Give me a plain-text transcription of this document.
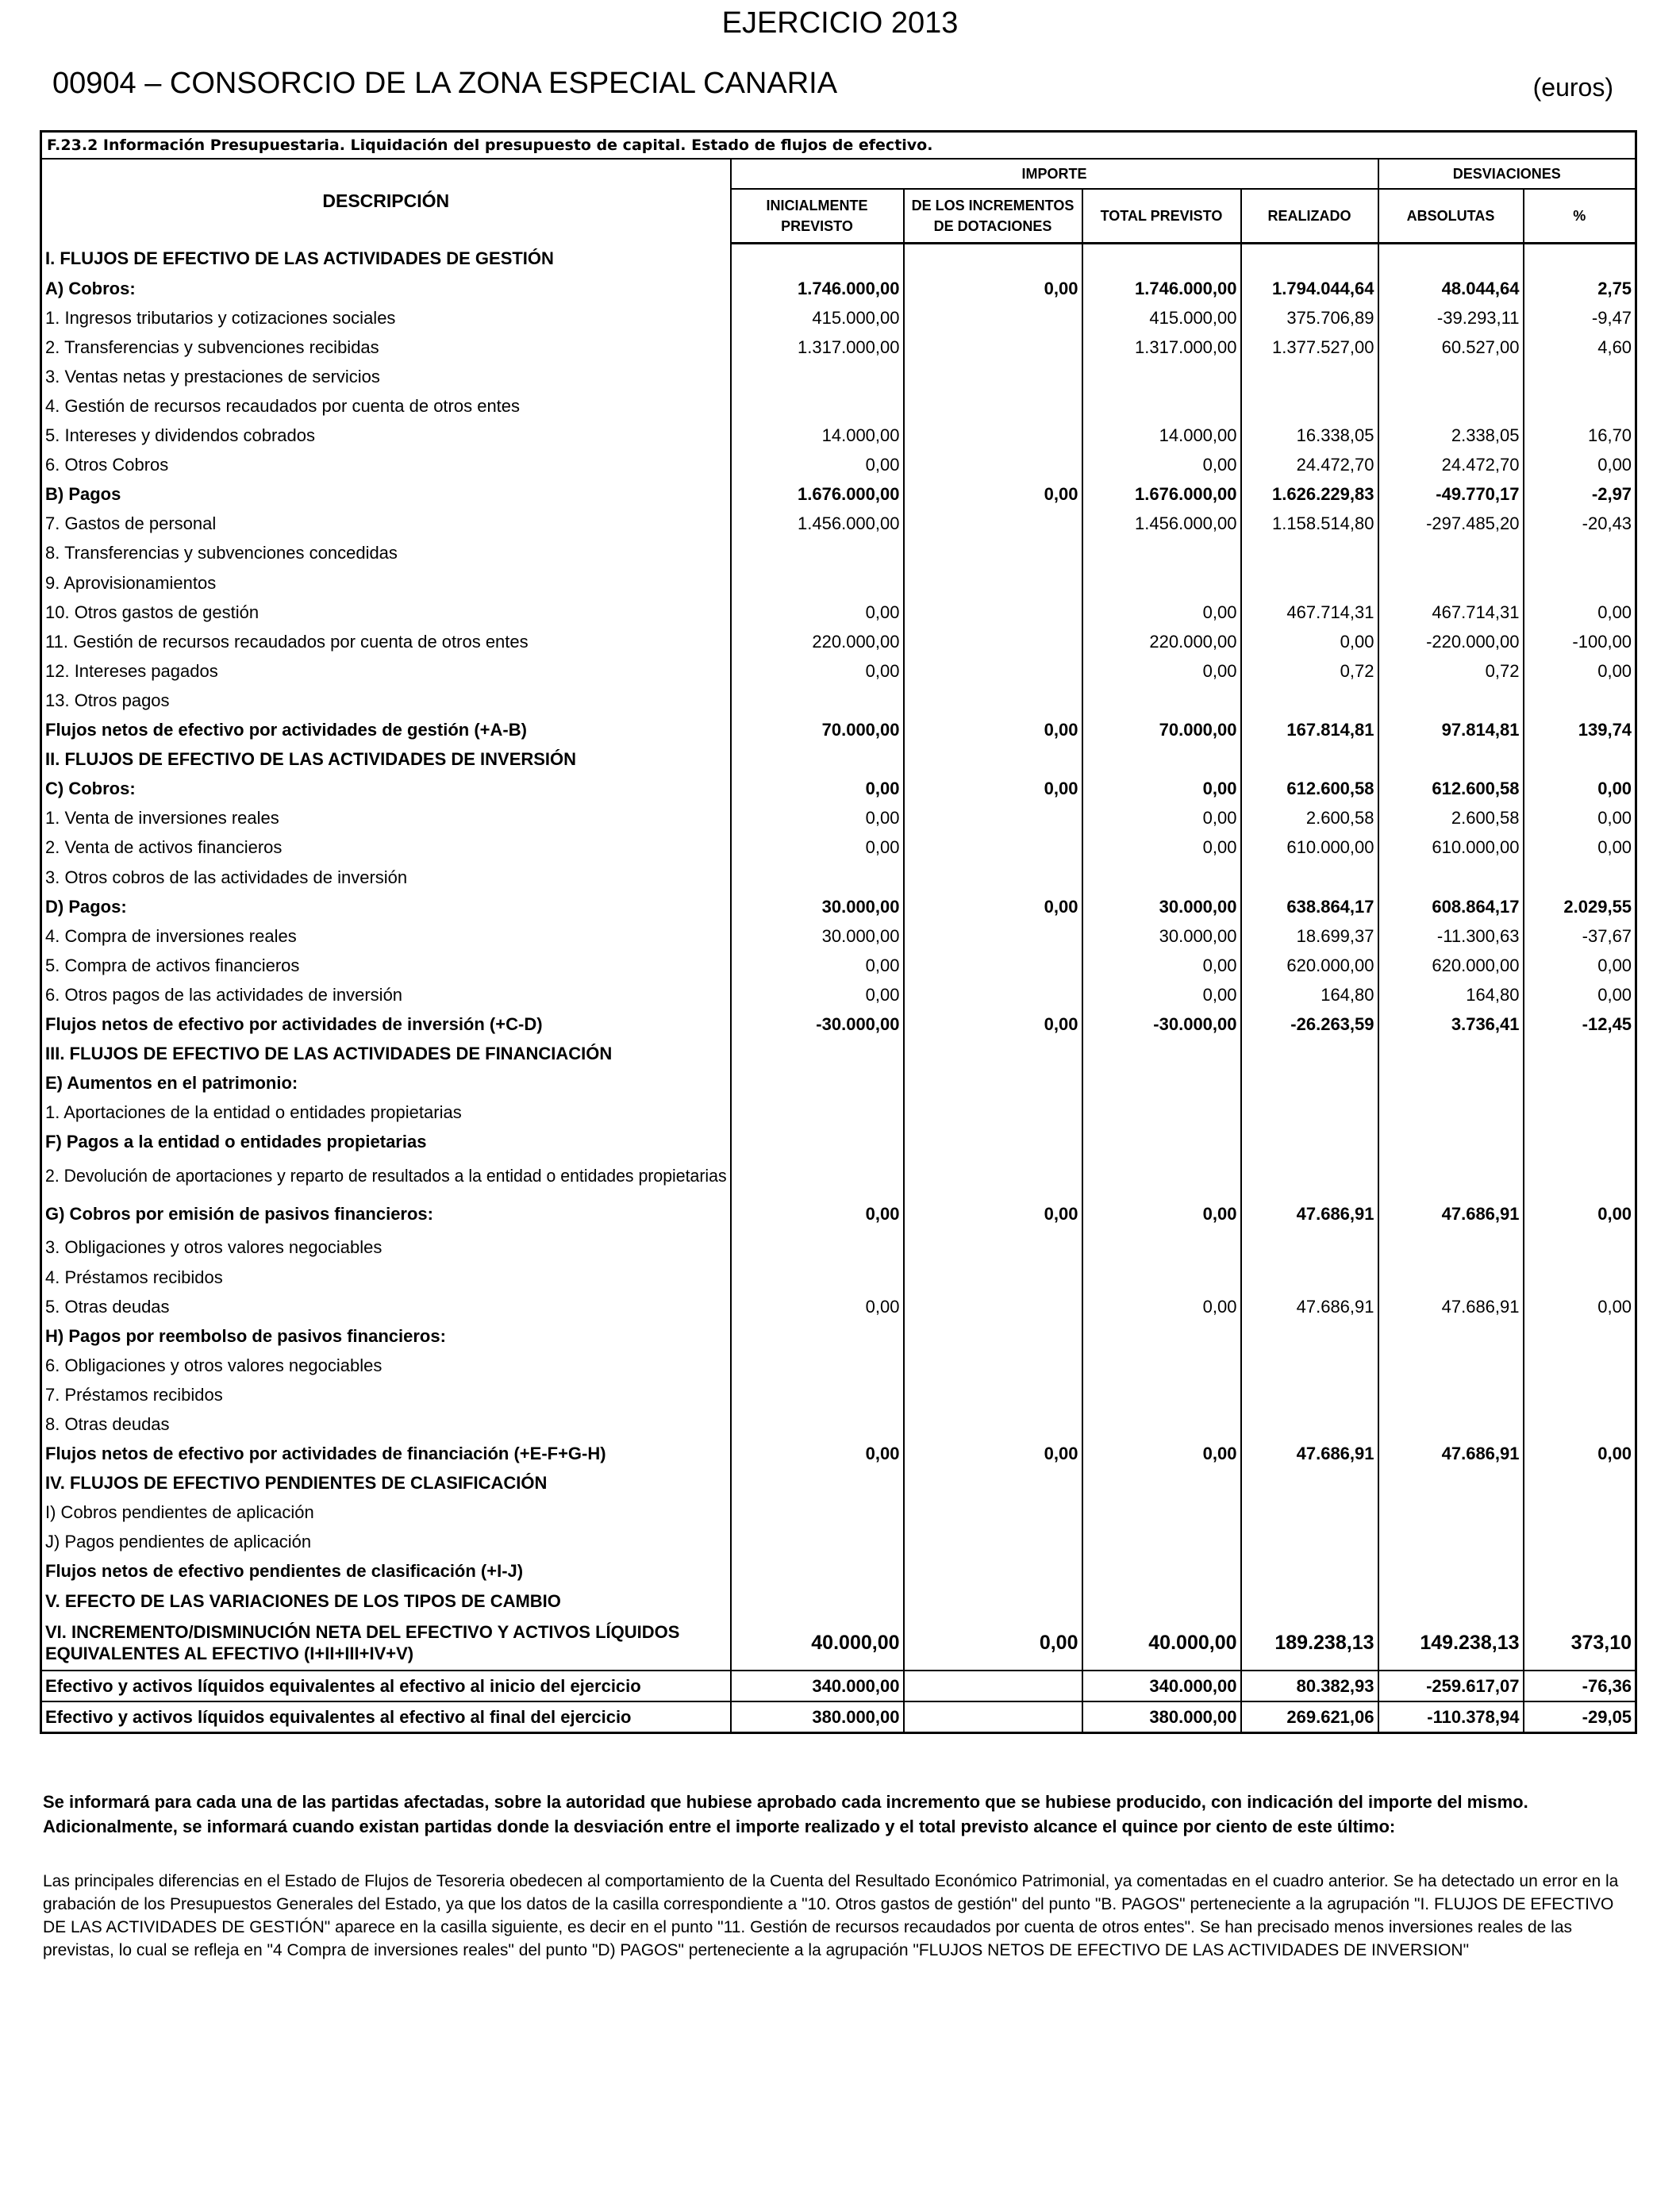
EJERCICIO 2013
00904 – CONSORCIO DE LA ZONA ESPECIAL CANARIA	(euros)
F.23.2 Información Presupuestaria. Liquidación del presupuesto de capital. Estado de flujos de efectivo.						
DESCRIPCIÓN	IMPORTE				DESVIACIONES	
	INICIALMENTE PREVISTO	DE LOS INCREMENTOS DE DOTACIONES	TOTAL PREVISTO	REALIZADO	ABSOLUTAS	%
I. FLUJOS DE EFECTIVO DE LAS ACTIVIDADES DE GESTIÓN						
A) Cobros:	1.746.000,00	0,00	1.746.000,00	1.794.044,64	48.044,64	2,75
1. Ingresos tributarios y cotizaciones sociales	415.000,00		415.000,00	375.706,89	-39.293,11	-9,47
2. Transferencias y subvenciones recibidas	1.317.000,00		1.317.000,00	1.377.527,00	60.527,00	4,60
3. Ventas netas y prestaciones de servicios						
4. Gestión de recursos recaudados por cuenta de otros entes						
5. Intereses y dividendos cobrados	14.000,00		14.000,00	16.338,05	2.338,05	16,70
6. Otros Cobros	0,00		0,00	24.472,70	24.472,70	0,00
B) Pagos	1.676.000,00	0,00	1.676.000,00	1.626.229,83	-49.770,17	-2,97
7. Gastos de personal	1.456.000,00		1.456.000,00	1.158.514,80	-297.485,20	-20,43
8. Transferencias y subvenciones concedidas						
9. Aprovisionamientos						
10. Otros gastos de gestión	0,00		0,00	467.714,31	467.714,31	0,00
11. Gestión de recursos recaudados por cuenta de otros entes	220.000,00		220.000,00	0,00	-220.000,00	-100,00
12. Intereses pagados	0,00		0,00	0,72	0,72	0,00
13. Otros pagos						
Flujos netos de efectivo por actividades de gestión (+A-B)	70.000,00	0,00	70.000,00	167.814,81	97.814,81	139,74
II. FLUJOS DE EFECTIVO DE LAS ACTIVIDADES DE INVERSIÓN						
C) Cobros:	0,00	0,00	0,00	612.600,58	612.600,58	0,00
1. Venta de inversiones reales	0,00		0,00	2.600,58	2.600,58	0,00
2. Venta de activos financieros	0,00		0,00	610.000,00	610.000,00	0,00
3. Otros cobros de las actividades de inversión						
D) Pagos:	30.000,00	0,00	30.000,00	638.864,17	608.864,17	2.029,55
4. Compra de inversiones reales	30.000,00		30.000,00	18.699,37	-11.300,63	-37,67
5. Compra de activos financieros	0,00		0,00	620.000,00	620.000,00	0,00
6. Otros pagos de las actividades de inversión	0,00		0,00	164,80	164,80	0,00
Flujos netos de efectivo por actividades de inversión (+C-D)	-30.000,00	0,00	-30.000,00	-26.263,59	3.736,41	-12,45
III. FLUJOS DE EFECTIVO DE LAS ACTIVIDADES DE FINANCIACIÓN						
E) Aumentos en el patrimonio:						
1. Aportaciones de la entidad o entidades propietarias						
F) Pagos a la entidad o entidades propietarias						
2. Devolución de aportaciones y reparto de resultados a la entidad o entidades propietarias						
G) Cobros por emisión de pasivos financieros:	0,00	0,00	0,00	47.686,91	47.686,91	0,00
3. Obligaciones y otros valores negociables						
4. Préstamos recibidos						
5. Otras deudas	0,00		0,00	47.686,91	47.686,91	0,00
H) Pagos por reembolso de pasivos financieros:						
6. Obligaciones y otros valores negociables						
7. Préstamos recibidos						
8. Otras deudas						
Flujos netos de efectivo por actividades de financiación (+E-F+G-H)	0,00	0,00	0,00	47.686,91	47.686,91	0,00
IV. FLUJOS DE EFECTIVO PENDIENTES DE CLASIFICACIÓN						
I) Cobros pendientes de aplicación						
J) Pagos pendientes de aplicación						
Flujos netos de efectivo pendientes de clasificación (+I-J)						
V. EFECTO DE LAS VARIACIONES DE LOS TIPOS DE CAMBIO						
VI. INCREMENTO/DISMINUCIÓN NETA DEL EFECTIVO Y ACTIVOS LÍQUIDOS EQUIVALENTES AL EFECTIVO (I+II+III+IV+V)	40.000,00	0,00	40.000,00	189.238,13	149.238,13	373,10
Efectivo y activos líquidos equivalentes al efectivo al inicio del ejercicio	340.000,00		340.000,00	80.382,93	-259.617,07	-76,36
Efectivo y activos líquidos equivalentes al efectivo al final del ejercicio	380.000,00		380.000,00	269.621,06	-110.378,94	-29,05
Se informará para cada una de las partidas afectadas, sobre la autoridad que hubiese aprobado cada incremento que se hubiese producido, con indicación del importe del mismo. Adicionalmente, se informará cuando existan partidas donde la desviación entre el importe realizado y el total previsto alcance el quince por ciento de este último:
Las principales diferencias en el Estado de Flujos de Tesoreria obedecen al comportamiento de la Cuenta del Resultado Económico Patrimonial, ya comentadas en el cuadro anterior. Se ha detectado un error en la grabación de los Presupuestos Generales del Estado, ya que los datos de la casilla correspondiente a "10. Otros gastos de gestión" del punto "B. PAGOS" perteneciente a la agrupación "I. FLUJOS DE EFECTIVO DE LAS ACTIVIDADES DE GESTIÓN" aparece en la casilla siguiente, es decir en el punto "11. Gestión de recursos recaudados por cuenta de otros entes". Se han precisado menos inversiones reales de las previstas, lo cual se refleja en "4 Compra de inversiones reales" del punto "D) PAGOS" perteneciente a la agrupación "FLUJOS NETOS DE EFECTIVO DE LAS ACTIVIDADES DE INVERSION"
